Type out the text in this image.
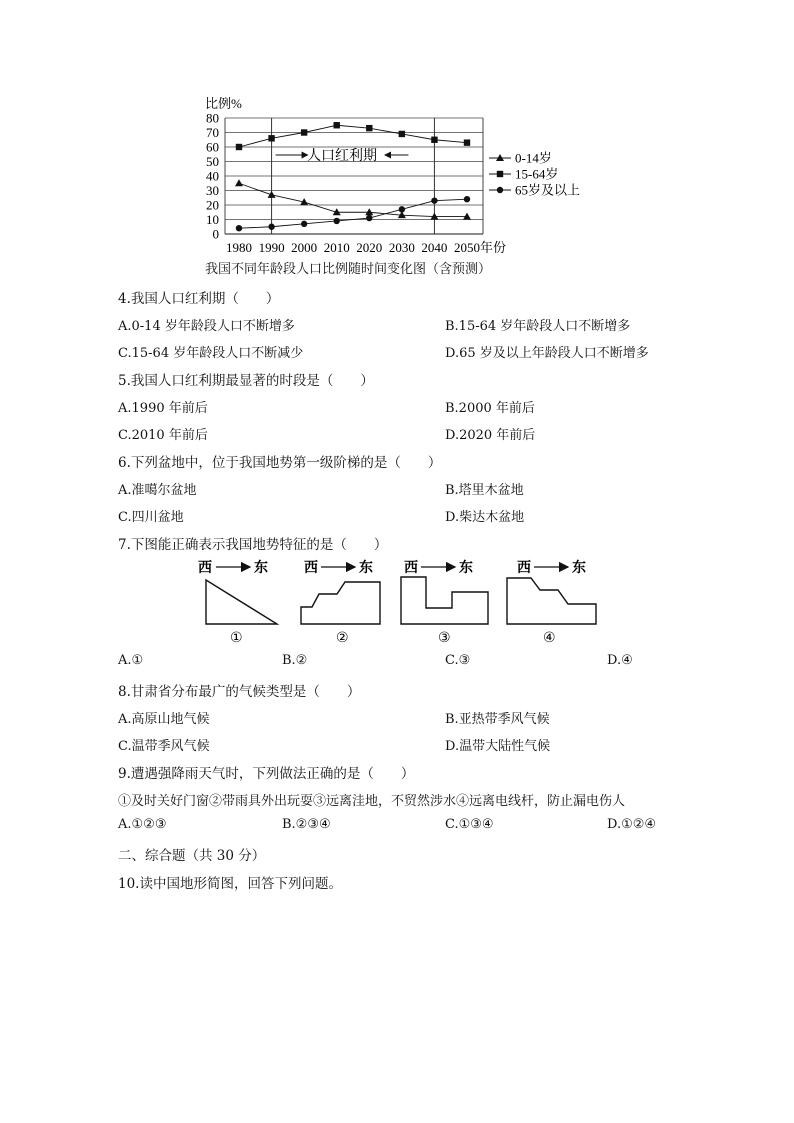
比例%
0
10
20
30
40
50
60
70
80
1980 1990 2000 2010 2020 2030 2040 2050年份
人口红利期	0-14岁
15-64岁
65岁及以上
我国不同年龄段人口比例随时间变化图（含预测）
4.我国人口红利期（　　）
A.0-14 岁年龄段人口不断增多	B.15-64 岁年龄段人口不断增多
C.15-64 岁年龄段人口不断减少	D.65 岁及以上年龄段人口不断增多
5.我国人口红利期最显著的时段是（　　）
A.1990 年前后	B.2000 年前后
C.2010 年前后	D.2020 年前后
6.下列盆地中，位于我国地势第一级阶梯的是（　　）
A.准噶尔盆地	B.塔里木盆地
C.四川盆地	D.柴达木盆地
7.下图能正确表示我国地势特征的是（　　）
西	东
①
西	东
②
西	东
③
西	东
④
A.①	B.②	C.③	D.④
8.甘肃省分布最广的气候类型是（　　）
A.高原山地气候	B.亚热带季风气候
C.温带季风气候	D.温带大陆性气候
9.遭遇强降雨天气时，下列做法正确的是（　　）
①及时关好门窗②带雨具外出玩耍③远离洼地，不贸然涉水④远离电线杆，防止漏电伤人
A.①②③	B.②③④	C.①③④	D.①②④
二、综合题（共 30 分）
10.读中国地形简图，回答下列问题。
